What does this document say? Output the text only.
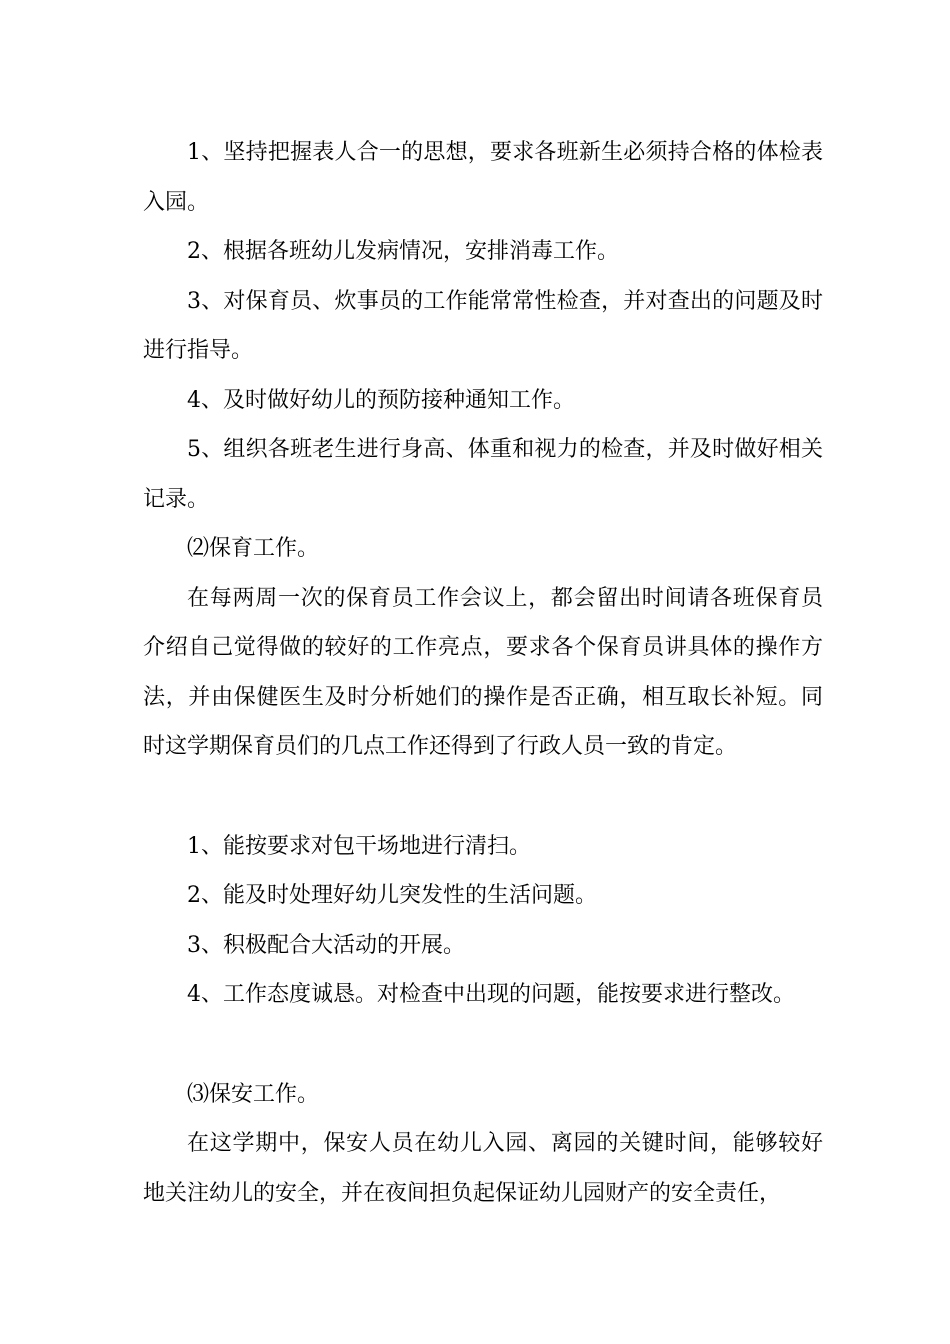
1、坚持把握表人合一的思想，要求各班新生必须持合格的体检表入园。

2、根据各班幼儿发病情况，安排消毒工作。

3、对保育员、炊事员的工作能常常性检查，并对查出的问题及时进行指导。

4、及时做好幼儿的预防接种通知工作。

5、组织各班老生进行身高、体重和视力的检查，并及时做好相关记录。

⑵保育工作。

在每两周一次的保育员工作会议上，都会留出时间请各班保育员介绍自己觉得做的较好的工作亮点，要求各个保育员讲具体的操作方法，并由保健医生及时分析她们的操作是否正确，相互取长补短。同时这学期保育员们的几点工作还得到了行政人员一致的肯定。

1、能按要求对包干场地进行清扫。

2、能及时处理好幼儿突发性的生活问题。

3、积极配合大活动的开展。

4、工作态度诚恳。对检查中出现的问题，能按要求进行整改。

⑶保安工作。

在这学期中，保安人员在幼儿入园、离园的关键时间，能够较好地关注幼儿的安全，并在夜间担负起保证幼儿园财产的安全责任，
